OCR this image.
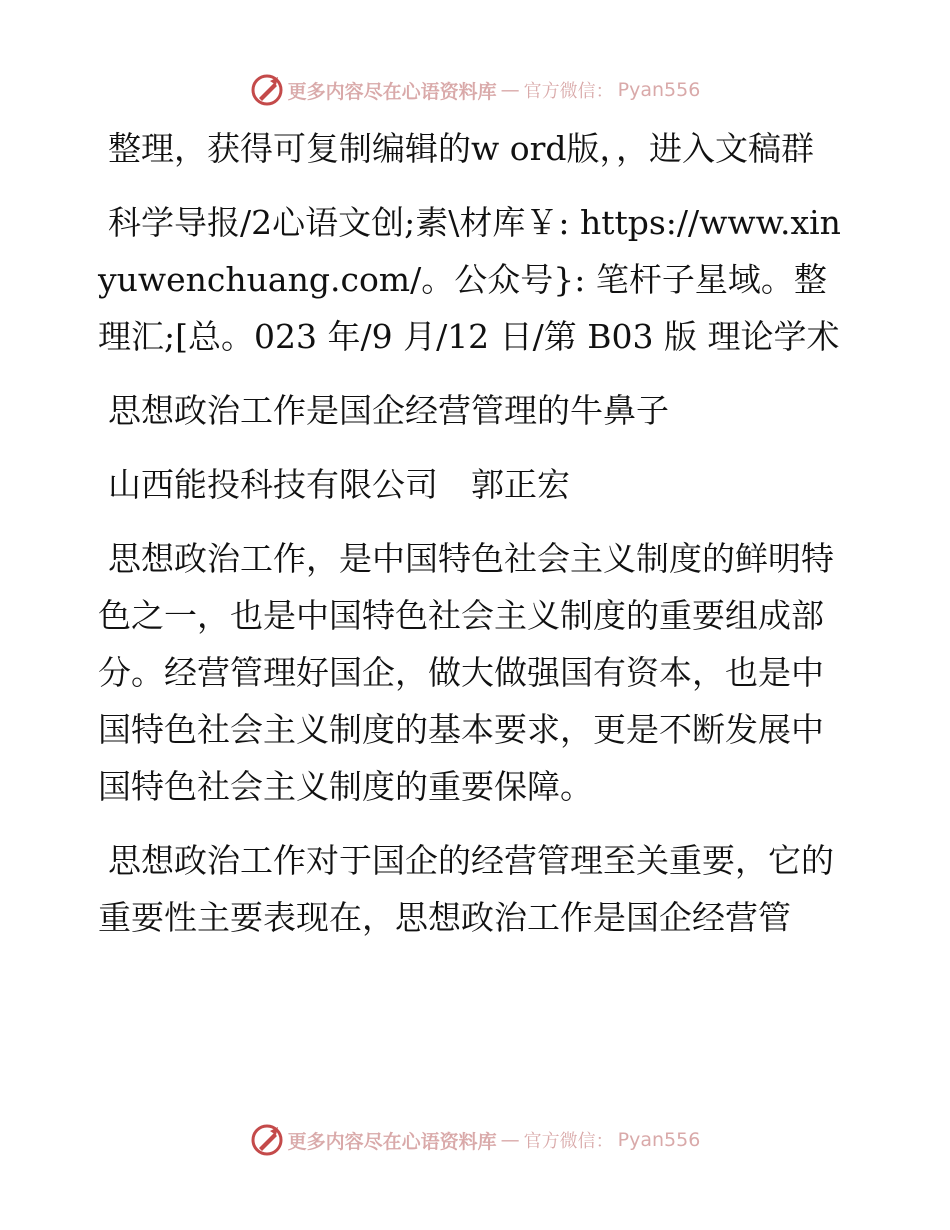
更多内容尽在心语资料库 — 官方微信： Pyan556

整理，获得可复制编辑的w ord版，，进入文稿群

科学导报/2心语文创;素\材库￥: https://www.xinyuwenchuang.com/。公众号}: 笔杆子星域。整理汇;[总。023 年/9 月/12 日/第 B03 版 理论学术

思想政治工作是国企经营管理的牛鼻子

山西能投科技有限公司　郭正宏

思想政治工作，是中国特色社会主义制度的鲜明特色之一，也是中国特色社会主义制度的重要组成部分。经营管理好国企，做大做强国有资本，也是中国特色社会主义制度的基本要求，更是不断发展中国特色社会主义制度的重要保障。

思想政治工作对于国企的经营管理至关重要，它的重要性主要表现在，思想政治工作是国企经营管

更多内容尽在心语资料库 — 官方微信： Pyan556
